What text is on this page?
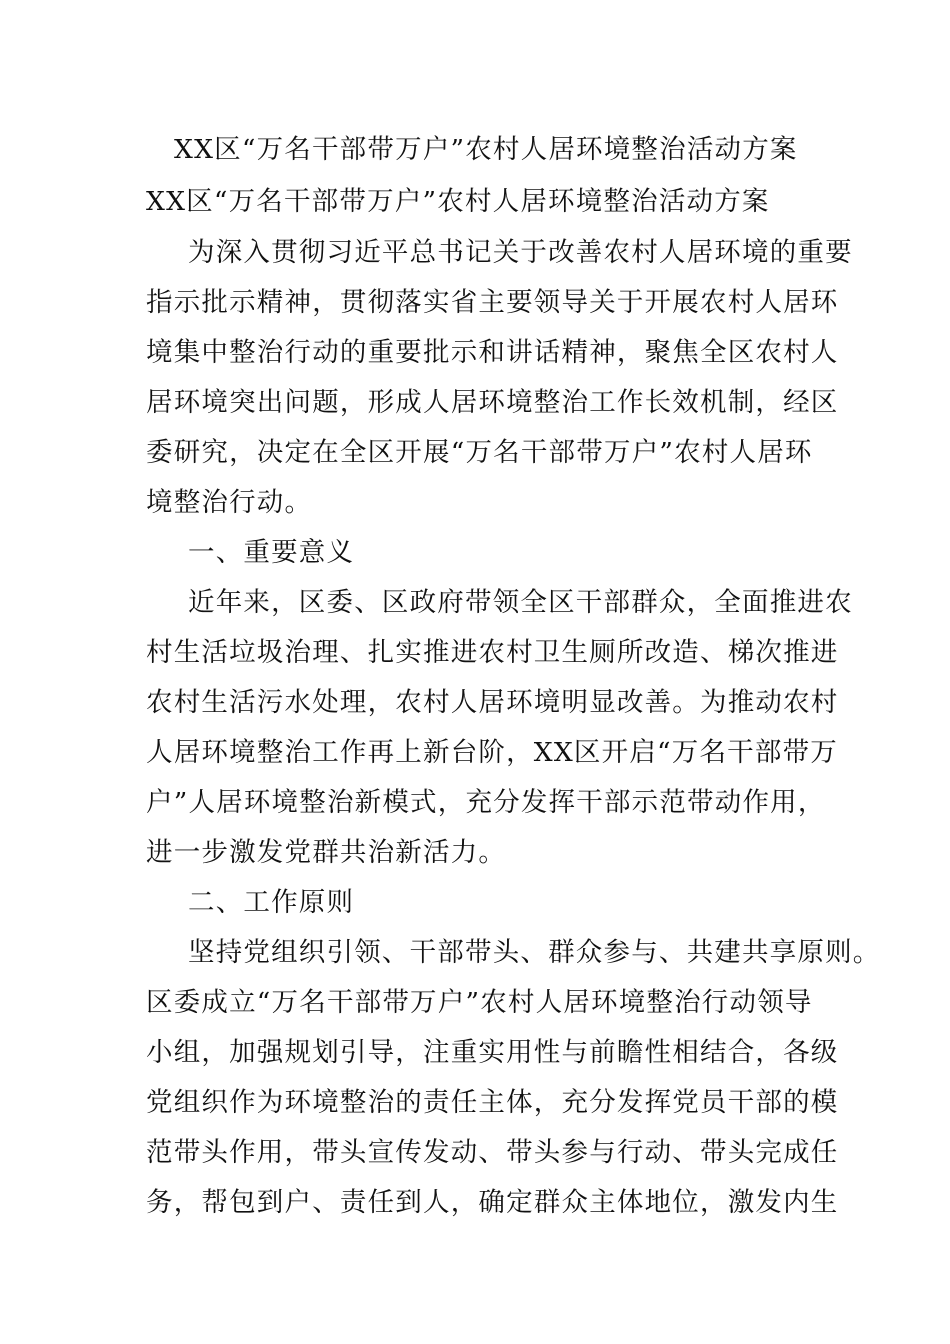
XX区“万名干部带万户”农村人居环境整治活动方案
XX区“万名干部带万户”农村人居环境整治活动方案
为深入贯彻习近平总书记关于改善农村人居环境的重要
指示批示精神，贯彻落实省主要领导关于开展农村人居环
境集中整治行动的重要批示和讲话精神，聚焦全区农村人
居环境突出问题，形成人居环境整治工作长效机制，经区
委研究，决定在全区开展“万名干部带万户”农村人居环
境整治行动。
一、重要意义
近年来，区委、区政府带领全区干部群众，全面推进农
村生活垃圾治理、扎实推进农村卫生厕所改造、梯次推进
农村生活污水处理，农村人居环境明显改善。为推动农村
人居环境整治工作再上新台阶，XX区开启“万名干部带万
户”人居环境整治新模式，充分发挥干部示范带动作用，
进一步激发党群共治新活力。
二、工作原则
坚持党组织引领、干部带头、群众参与、共建共享原则。
区委成立“万名干部带万户”农村人居环境整治行动领导
小组，加强规划引导，注重实用性与前瞻性相结合，各级
党组织作为环境整治的责任主体，充分发挥党员干部的模
范带头作用，带头宣传发动、带头参与行动、带头完成任
务，帮包到户、责任到人，确定群众主体地位，激发内生
